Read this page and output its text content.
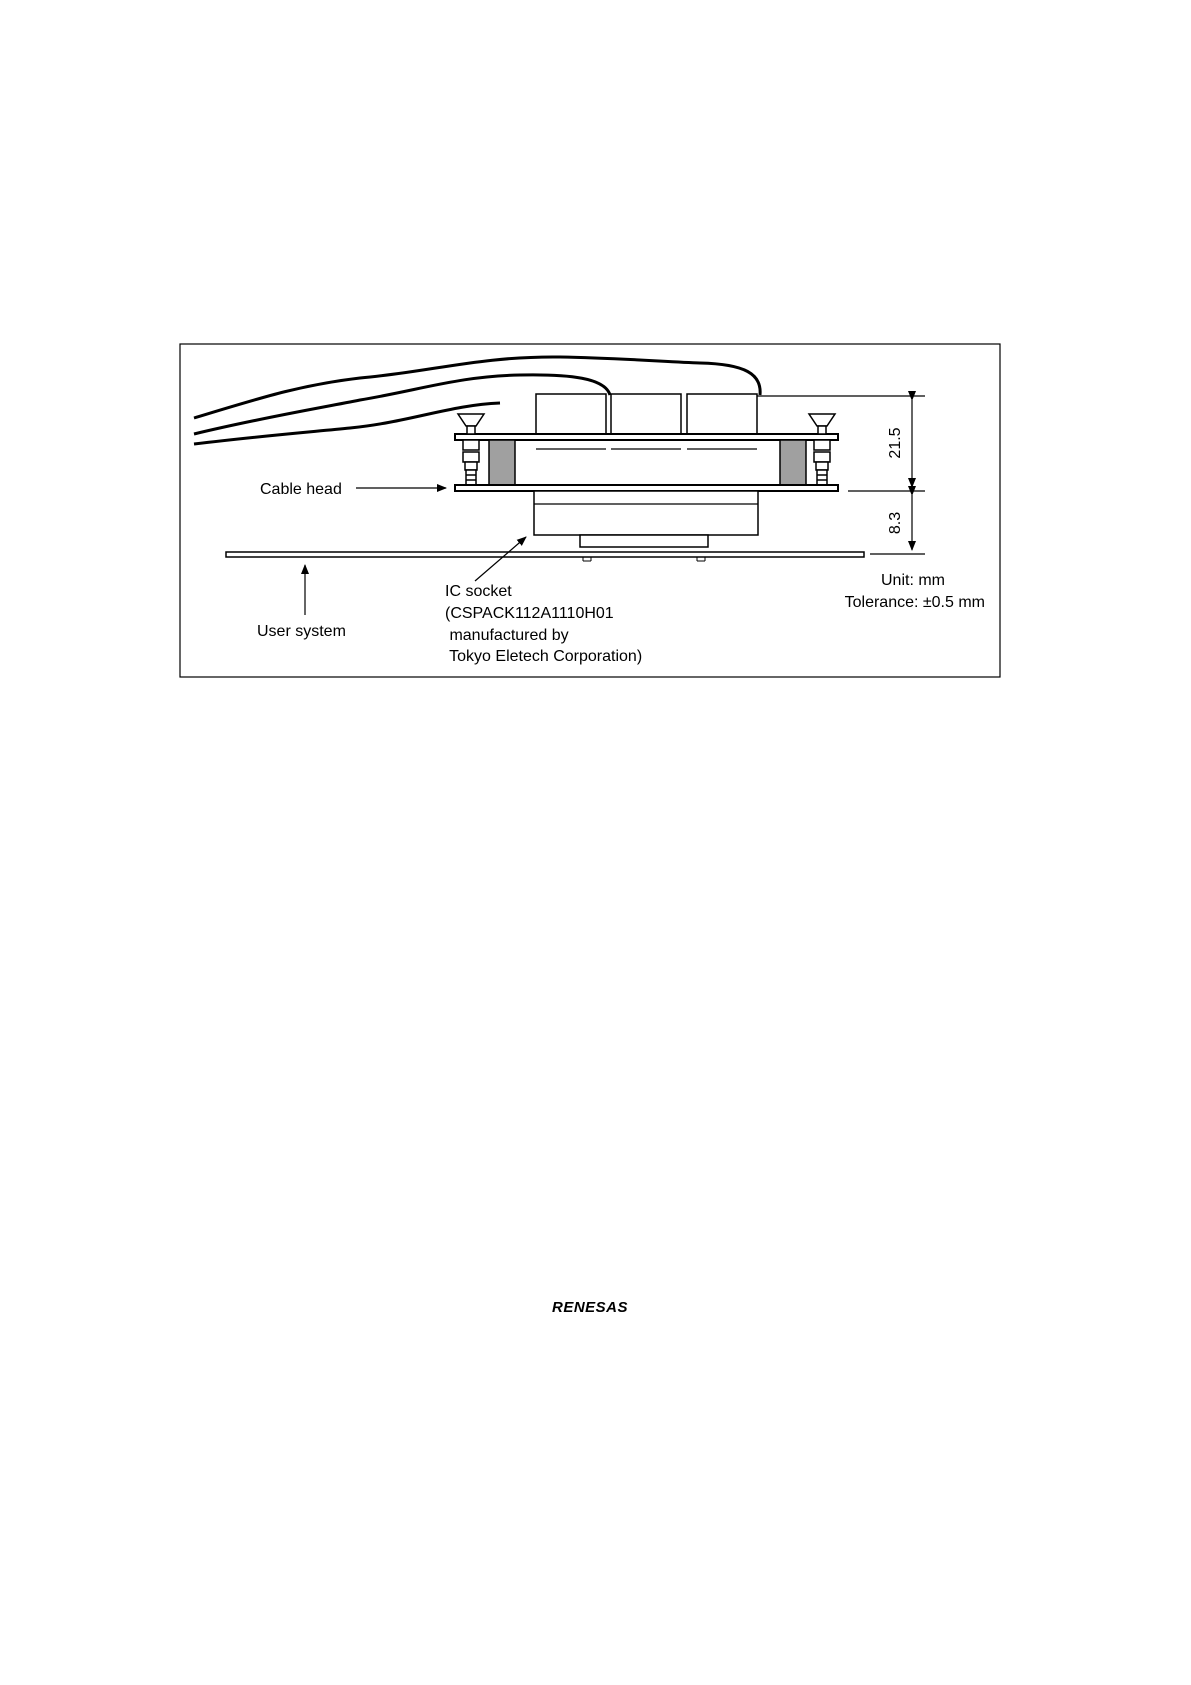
21.5
8.3
Cable head
User system
IC socket
(CSPACK112A1110H01
manufactured by
Tokyo Eletech Corporation)
Unit: mm
Tolerance: ±0.5 mm
RENESAS
